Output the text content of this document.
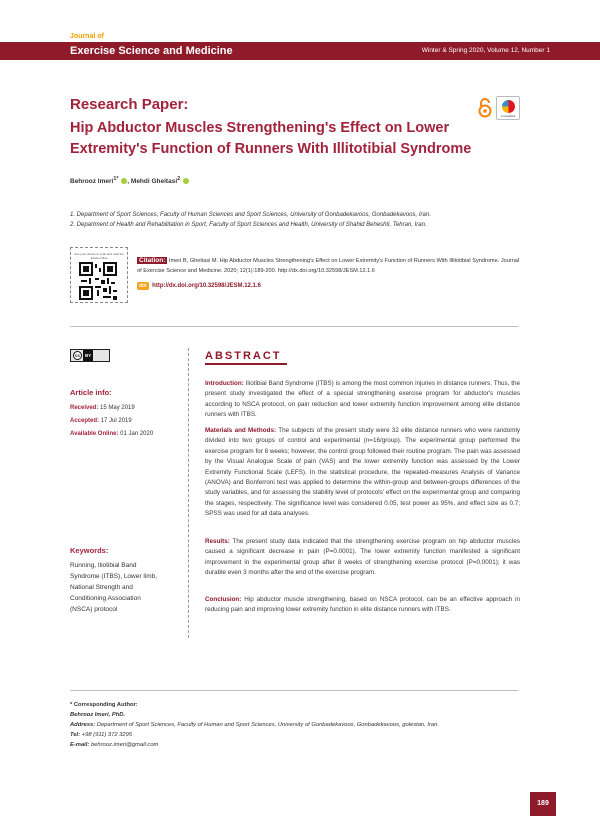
Journal of
Exercise Science and Medicine	Winter & Spring 2020, Volume 12, Number 1
Research Paper:
Hip Abductor Muscles Strengthening's Effect on Lower Extremity's Function of Runners With Illitotibial Syndrome
CrossMark
Behrooz Imeri$^{1*}$ , Mehdi Gheitasi$^2$
1. Department of Sport Sciences, Faculty of Human Sciences and Sport Sciences, University of Gonbadekavoos, Gonbadekavoos, Iran.
2. Department of Health and Rehabilitation in Sport, Faculty of Sport Sciences and Health, University of Shahid Beheshti, Tehran, Iran.
Use your device to scan and read the article online	Citation: Imeri B, Gheitasi M. Hip Abductor Muscles Strengthening's Effect on Lower Extremity's Function of Runners With Illitotibial Syndrome. Journal of Exercise Science and Medicine. 2020; 12(1):189-200. http://dx.doi.org/10.32598/JESM.12.1.6
doi http://dx.doi.org/10.32598/JESM.12.1.6
cc BY
Article info:
Received: 15 May 2019
Accepted: 17 Jul 2019
Available Online: 01 Jan 2020
Keywords:
Running, Iliotibial Band Syndrome (ITBS), Lower limb, National Strength and Conditioning Association (NSCA) protocol
ABSTRACT
Introduction: Iliotibial Band Syndrome (ITBS) is among the most common injuries in distance runners. Thus, the present study investigated the effect of a special strengthening exercise program for abductor's muscles according to NSCA protocol, on pain reduction and lower extremity function improvement among elite distance runners with ITBS.
Materials and Methods: The subjects of the present study were 32 elite distance runners who were randomly divided into two groups of control and experimental (n=16/group). The experimental group performed the exercise program for 8 weeks; however, the control group followed their routine program. The pain was assessed by the Visual Analogue Scale of pain (VAS) and the lower extremity function was assessed by the Lower Extremity Functional Scale (LEFS). In the statistical procedure, the repeated-measures Analysis of Variance (ANOVA) and Bonferroni test was applied to determine the within-group and between-groups differences of the study variables, and for assessing the stability level of protocols' effect on the experimental group and comparing the stages, respectively. The significance level was considered 0.05, test power as 95%, and effect size as 0.7; SPSS was used for all data analyses.
Results: The present study data indicated that the strengthening exercise program on hip abductor muscles caused a significant decrease in pain (P=0.0001). The lower extremity function manifested a significant improvement in the experimental group after 8 weeks of strengthening exercise protocol (P=0.0001); it was durable even 3 months after the end of the exercise program.
Conclusion: Hip abductor muscle strengthening, based on NSCA protocol, can be an effective approach in reducing pain and improving lower extremity function in elite distance runners with ITBS.
* Corresponding Author:
Behrooz Imeri, PhD.
Address: Department of Sport Sciences, Faculty of Human and Sport Sciences, University of Gonbadekavoos, Gonbadekavoos, golestan, Iran.
Tel: +98 (911) 372 3295
E-mail: behrooz.imeri@gmail.com
189
